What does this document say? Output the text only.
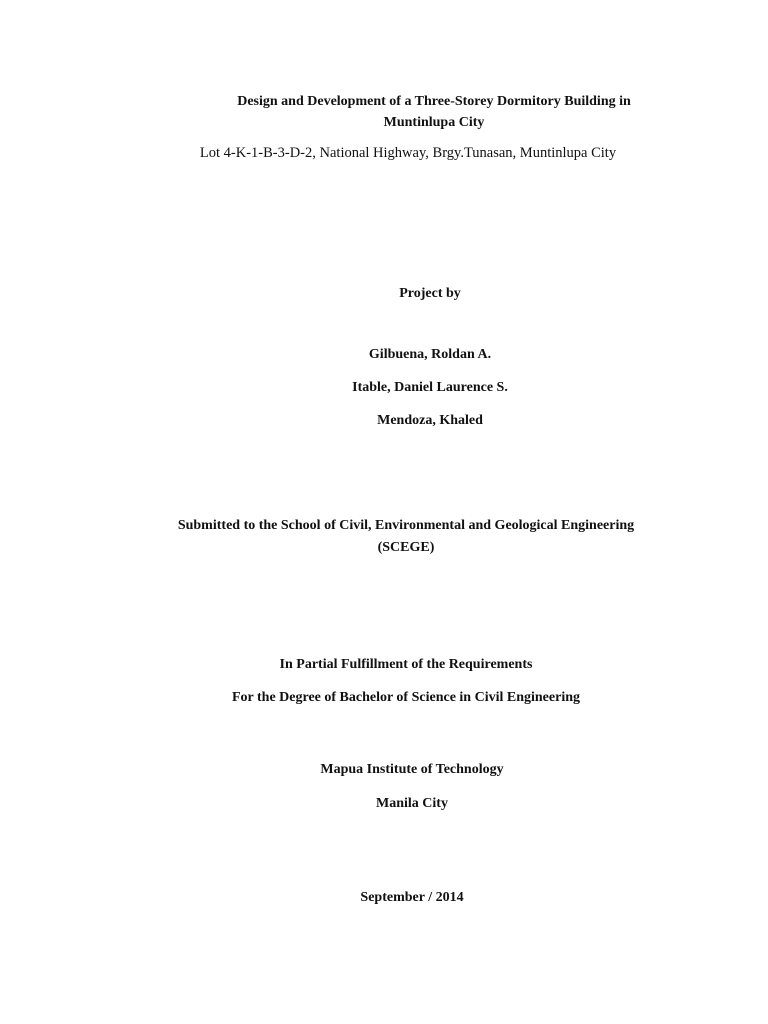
Design and Development of a Three-Storey Dormitory Building in
Muntinlupa City
Lot 4-K-1-B-3-D-2, National Highway, Brgy.Tunasan, Muntinlupa City
Project by
Gilbuena, Roldan A.
Itable, Daniel Laurence S.
Mendoza, Khaled
Submitted to the School of Civil, Environmental and Geological Engineering
(SCEGE)
In Partial Fulfillment of the Requirements
For the Degree of Bachelor of Science in Civil Engineering
Mapua Institute of Technology
Manila City
September / 2014
